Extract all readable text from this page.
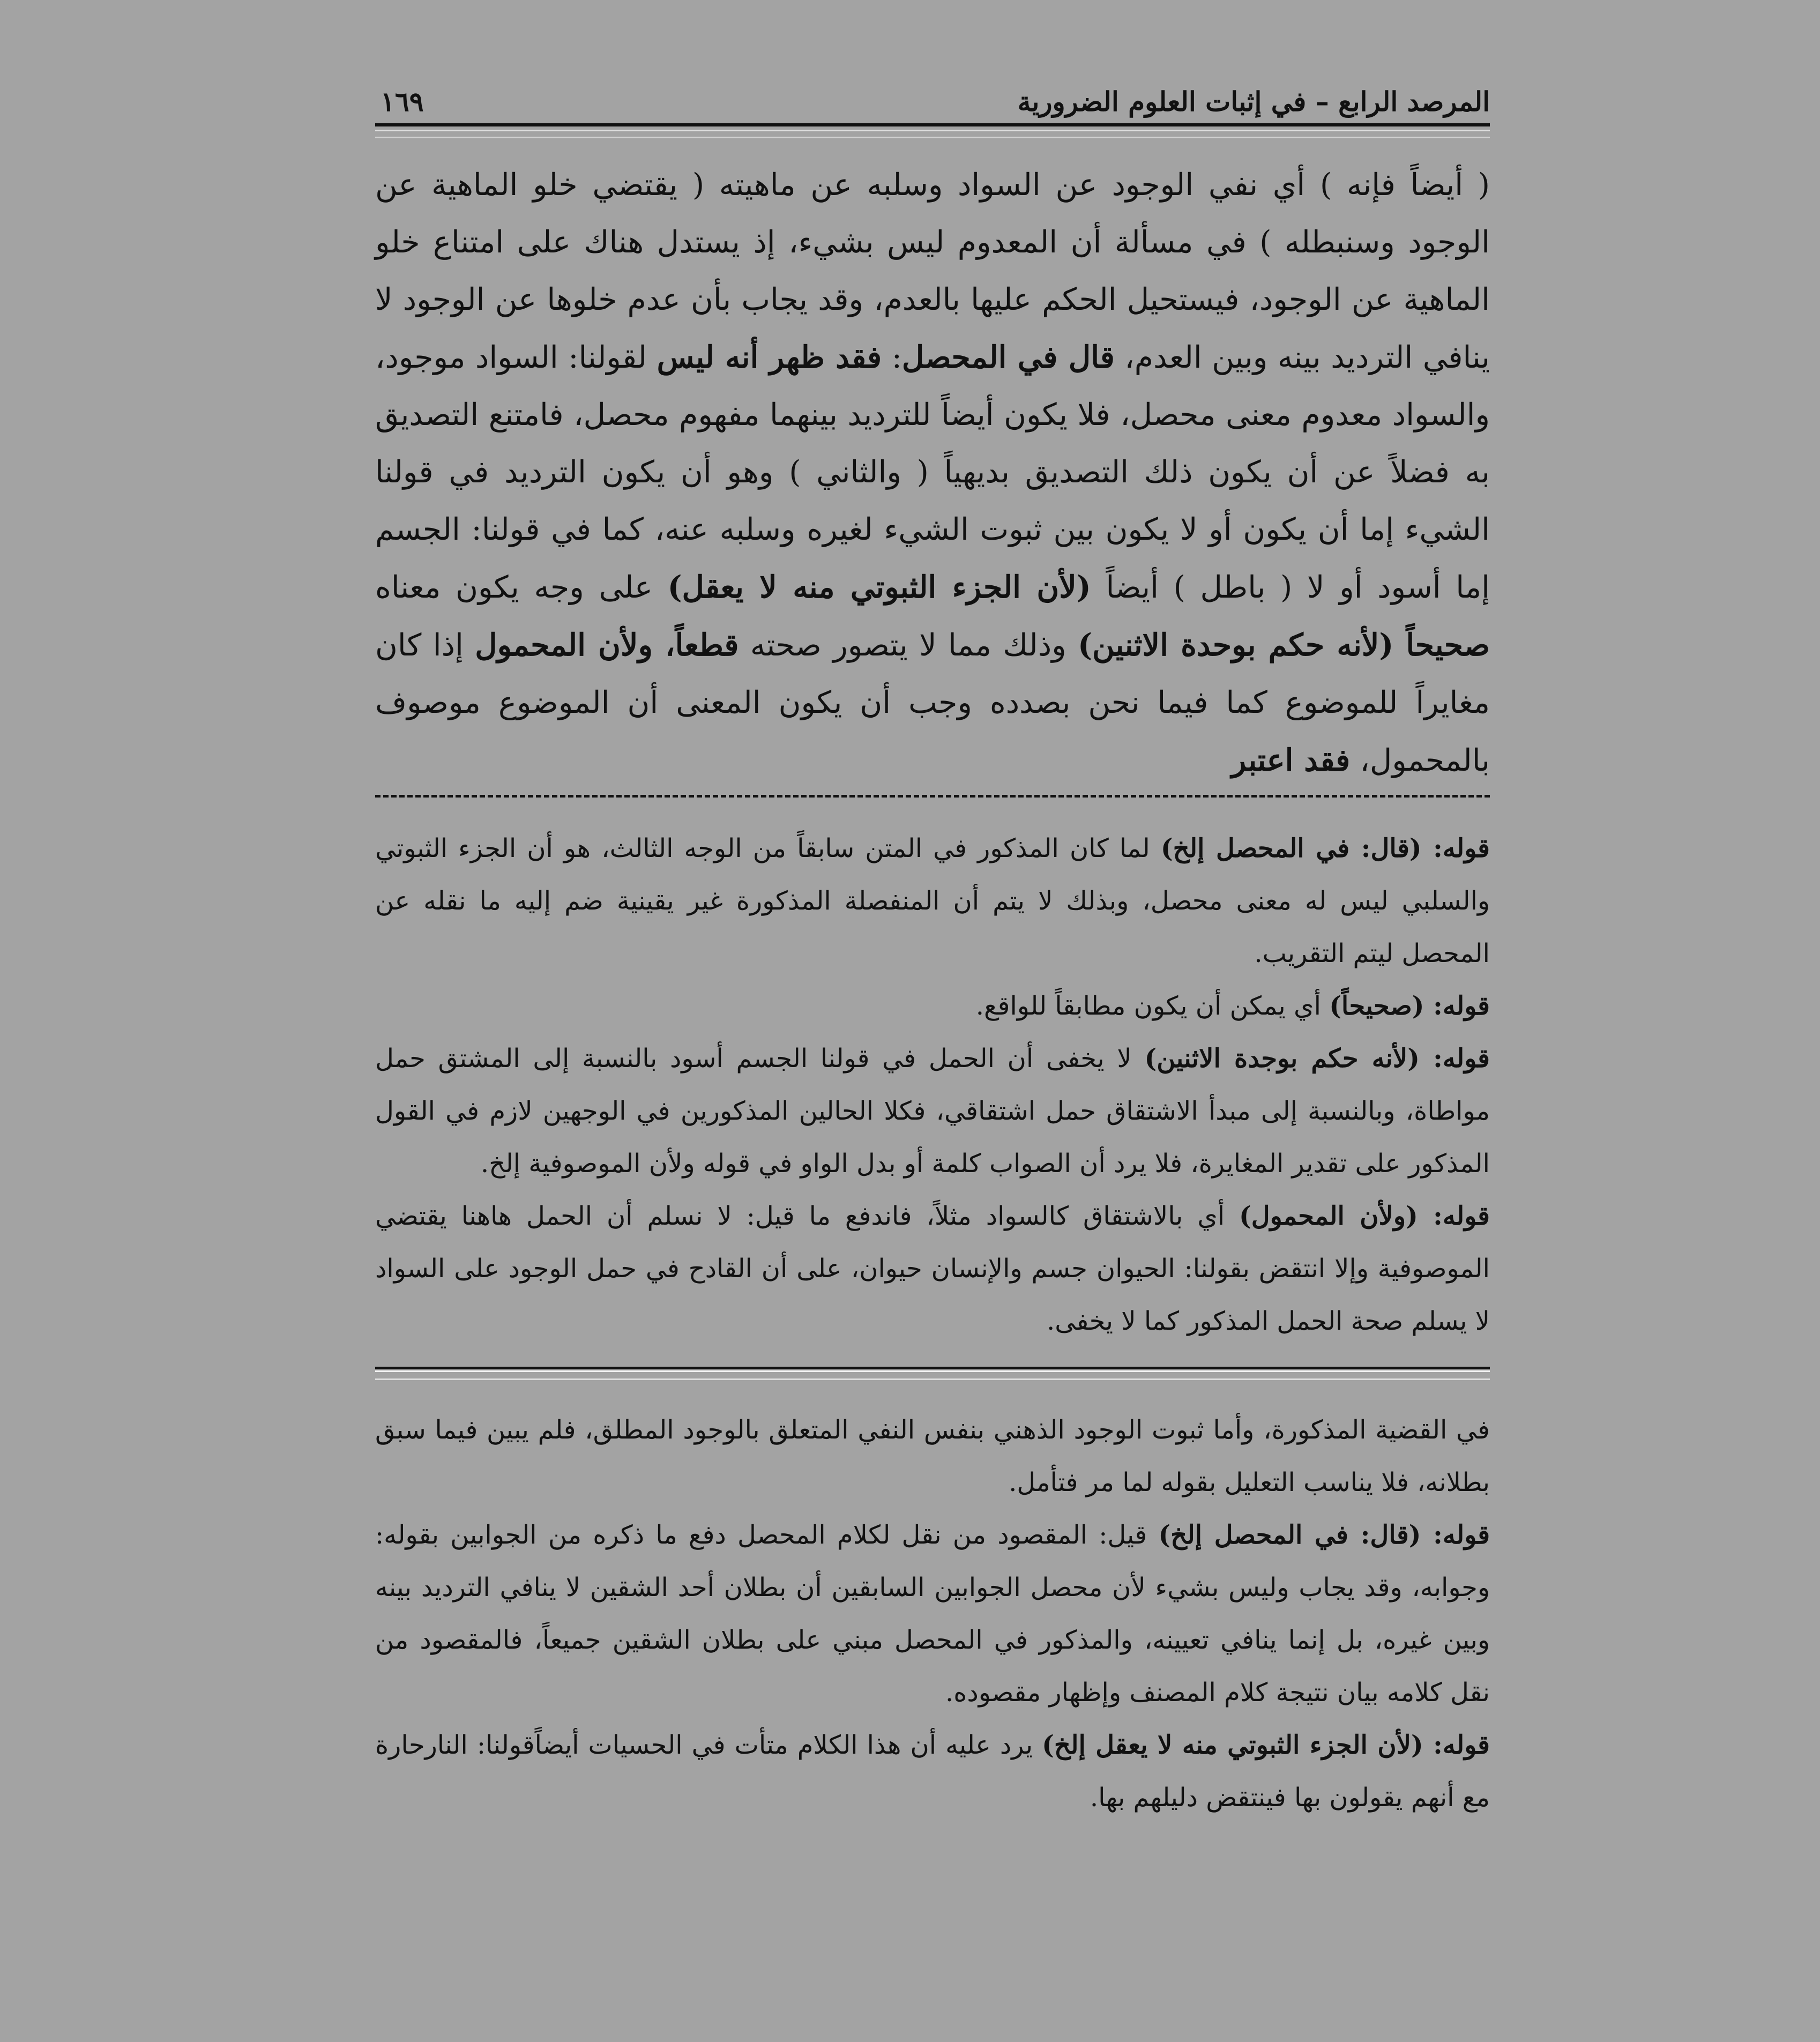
المرصد الرابع – في إثبات العلوم الضرورية
١٦٩

( أيضاً فإنه ) أي نفي الوجود عن السواد وسلبه عن ماهيته ( يقتضي خلو الماهية عن الوجود وسنبطله ) في مسألة أن المعدوم ليس بشيء، إذ يستدل هناك على امتناع خلو الماهية عن الوجود، فيستحيل الحكم عليها بالعدم، وقد يجاب بأن عدم خلوها عن الوجود لا ينافي الترديد بينه وبين العدم، قال في المحصل: فقد ظهر أنه ليس لقولنا: السواد موجود، والسواد معدوم معنى محصل، فلا يكون أيضاً للترديد بينهما مفهوم محصل، فامتنع التصديق به فضلاً عن أن يكون ذلك التصديق بديهياً ( والثاني ) وهو أن يكون الترديد في قولنا الشيء إما أن يكون أو لا يكون بين ثبوت الشيء لغيره وسلبه عنه، كما في قولنا: الجسم إما أسود أو لا ( باطل ) أيضاً (لأن الجزء الثبوتي منه لا يعقل) على وجه يكون معناه صحيحاً (لأنه حكم بوحدة الاثنين) وذلك مما لا يتصور صحته قطعاً، ولأن المحمول إذا كان مغايراً للموضوع كما فيما نحن بصدده وجب أن يكون المعنى أن الموضوع موصوف بالمحمول، فقد اعتبر

قوله: (قال: في المحصل إلخ) لما كان المذكور في المتن سابقاً من الوجه الثالث، هو أن الجزء الثبوتي والسلبي ليس له معنى محصل، وبذلك لا يتم أن المنفصلة المذكورة غير يقينية ضم إليه ما نقله عن المحصل ليتم التقريب.

قوله: (صحيحاً) أي يمكن أن يكون مطابقاً للواقع.

قوله: (لأنه حكم بوجدة الاثنين) لا يخفى أن الحمل في قولنا الجسم أسود بالنسبة إلى المشتق حمل مواطاة، وبالنسبة إلى مبدأ الاشتقاق حمل اشتقاقي، فكلا الحالين المذكورين في الوجهين لازم في القول المذكور على تقدير المغايرة، فلا يرد أن الصواب كلمة أو بدل الواو في قوله ولأن الموصوفية إلخ.

قوله: (ولأن المحمول) أي بالاشتقاق كالسواد مثلاً، فاندفع ما قيل: لا نسلم أن الحمل هاهنا يقتضي الموصوفية وإلا انتقض بقولنا: الحيوان جسم والإنسان حيوان، على أن القادح في حمل الوجود على السواد لا يسلم صحة الحمل المذكور كما لا يخفى.

في القضية المذكورة، وأما ثبوت الوجود الذهني بنفس النفي المتعلق بالوجود المطلق، فلم يبين فيما سبق بطلانه، فلا يناسب التعليل بقوله لما مر فتأمل.

قوله: (قال: في المحصل إلخ) قيل: المقصود من نقل لكلام المحصل دفع ما ذكره من الجوابين بقوله: وجوابه، وقد يجاب وليس بشيء لأن محصل الجوابين السابقين أن بطلان أحد الشقين لا ينافي الترديد بينه وبين غيره، بل إنما ينافي تعيينه، والمذكور في المحصل مبني على بطلان الشقين جميعاً، فالمقصود من نقل كلامه بيان نتيجة كلام المصنف وإظهار مقصوده.

قوله: (لأن الجزء الثبوتي منه لا يعقل إلخ) يرد عليه أن هذا الكلام متأت في الحسيات أيضاًقولنا: النارحارة مع أنهم يقولون بها فينتقض دليلهم بها.
